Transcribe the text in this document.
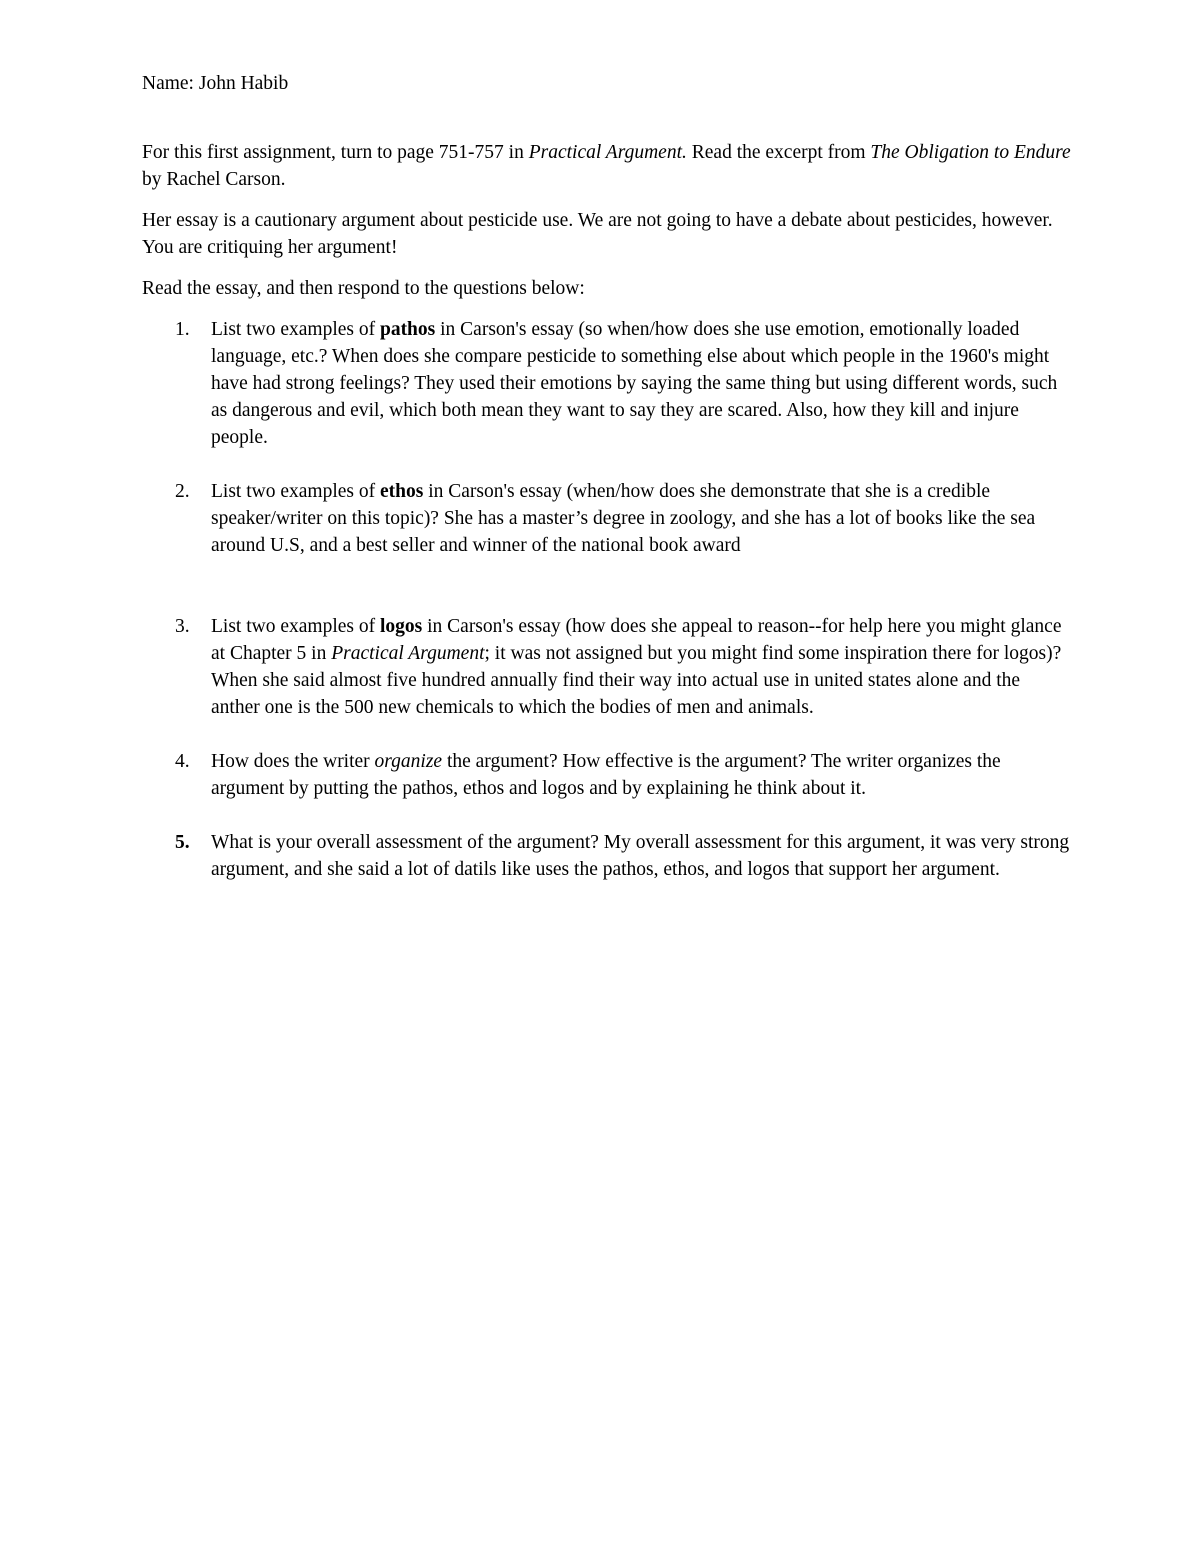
Name: John Habib

For this first assignment, turn to page 751-757 in Practical Argument. Read the excerpt from The Obligation to Endure by Rachel Carson.

Her essay is a cautionary argument about pesticide use. We are not going to have a debate about pesticides, however. You are critiquing her argument!

Read the essay, and then respond to the questions below:

1. List two examples of pathos in Carson's essay (so when/how does she use emotion, emotionally loaded language, etc.? When does she compare pesticide to something else about which people in the 1960's might have had strong feelings? They used their emotions by saying the same thing but using different words, such as dangerous and evil, which both mean they want to say they are scared. Also, how they kill and injure people.
2. List two examples of ethos in Carson's essay (when/how does she demonstrate that she is a credible speaker/writer on this topic)? She has a master’s degree in zoology, and she has a lot of books like the sea around U.S, and a best seller and winner of the national book award
3. List two examples of logos in Carson's essay (how does she appeal to reason--for help here you might glance at Chapter 5 in Practical Argument; it was not assigned but you might find some inspiration there for logos)?
When she said almost five hundred annually find their way into actual use in united states alone and the anther one is the 500 new chemicals to which the bodies of men and animals.
4. How does the writer organize the argument? How effective is the argument? The writer organizes the argument by putting the pathos, ethos and logos and by explaining he think about it.
5. What is your overall assessment of the argument? My overall assessment for this argument, it was very strong argument, and she said a lot of datils like uses the pathos, ethos, and logos that support her argument.
